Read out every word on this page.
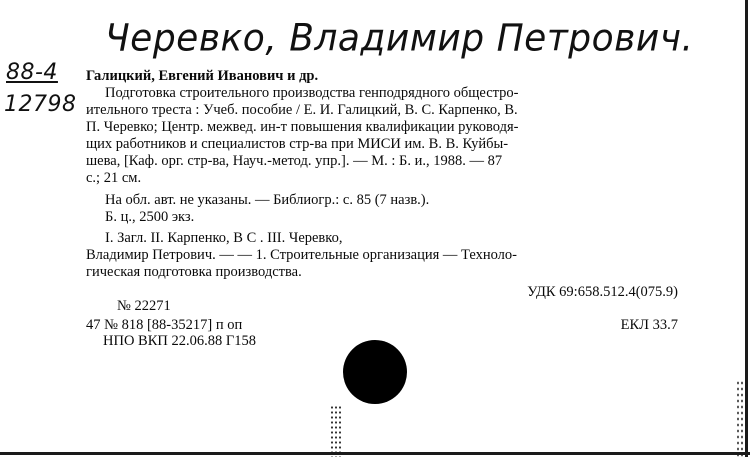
Черевко, Владимир Петрович.
88-4
12798
Галицкий, Евгений Иванович и др.
Подготовка строительного производства генподрядного общестро-
ительного треста : Учеб. пособие / Е. И. Галицкий, В. С. Карпенко, В.
П. Черевко; Центр. межвед. ин-т повышения квалификации руководя-
щих работников и специалистов стр-ва при МИСИ им. В. В. Куйбы-
шева, [Каф. орг. стр-ва, Науч.-метод. упр.]. — М. : Б. и., 1988. — 87
с.; 21 см.
На обл. авт. не указаны. — Библиогр.: с. 85 (7 назв.).
Б. ц., 2500 экз.
I. Загл. II. Карпенко, В С . III. Черевко,
Владимир Петрович. — — 1. Строительные организация — Техноло-
гическая подготовка производства.
УДК 69:658.512.4(075.9)
№ 22271
47 № 818 [88-35217] п оп	ЕКЛ 33.7
НПО ВКП 22.06.88 Г158
